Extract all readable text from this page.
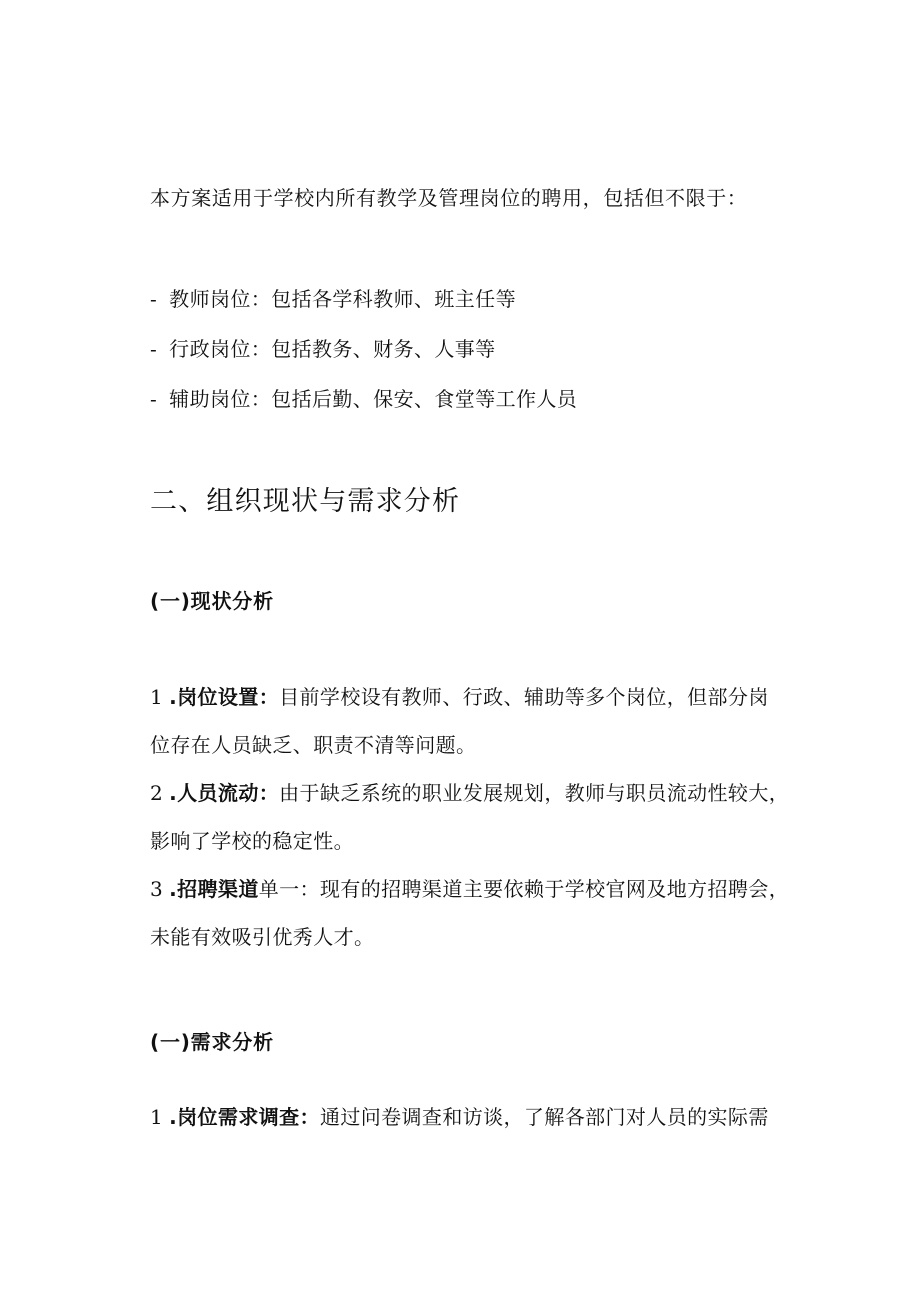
本方案适用于学校内所有教学及管理岗位的聘用，包括但不限于：
- 教师岗位：包括各学科教师、班主任等
- 行政岗位：包括教务、财务、人事等
- 辅助岗位：包括后勤、保安、食堂等工作人员
二、组织现状与需求分析
(一)现状分析
1 .岗位设置：目前学校设有教师、行政、辅助等多个岗位，但部分岗
位存在人员缺乏、职责不清等问题。
2 .人员流动：由于缺乏系统的职业发展规划，教师与职员流动性较大，
影响了学校的稳定性。
3 .招聘渠道单一：现有的招聘渠道主要依赖于学校官网及地方招聘会，
未能有效吸引优秀人才。
(一)需求分析
1 .岗位需求调查：通过问卷调查和访谈，了解各部门对人员的实际需
